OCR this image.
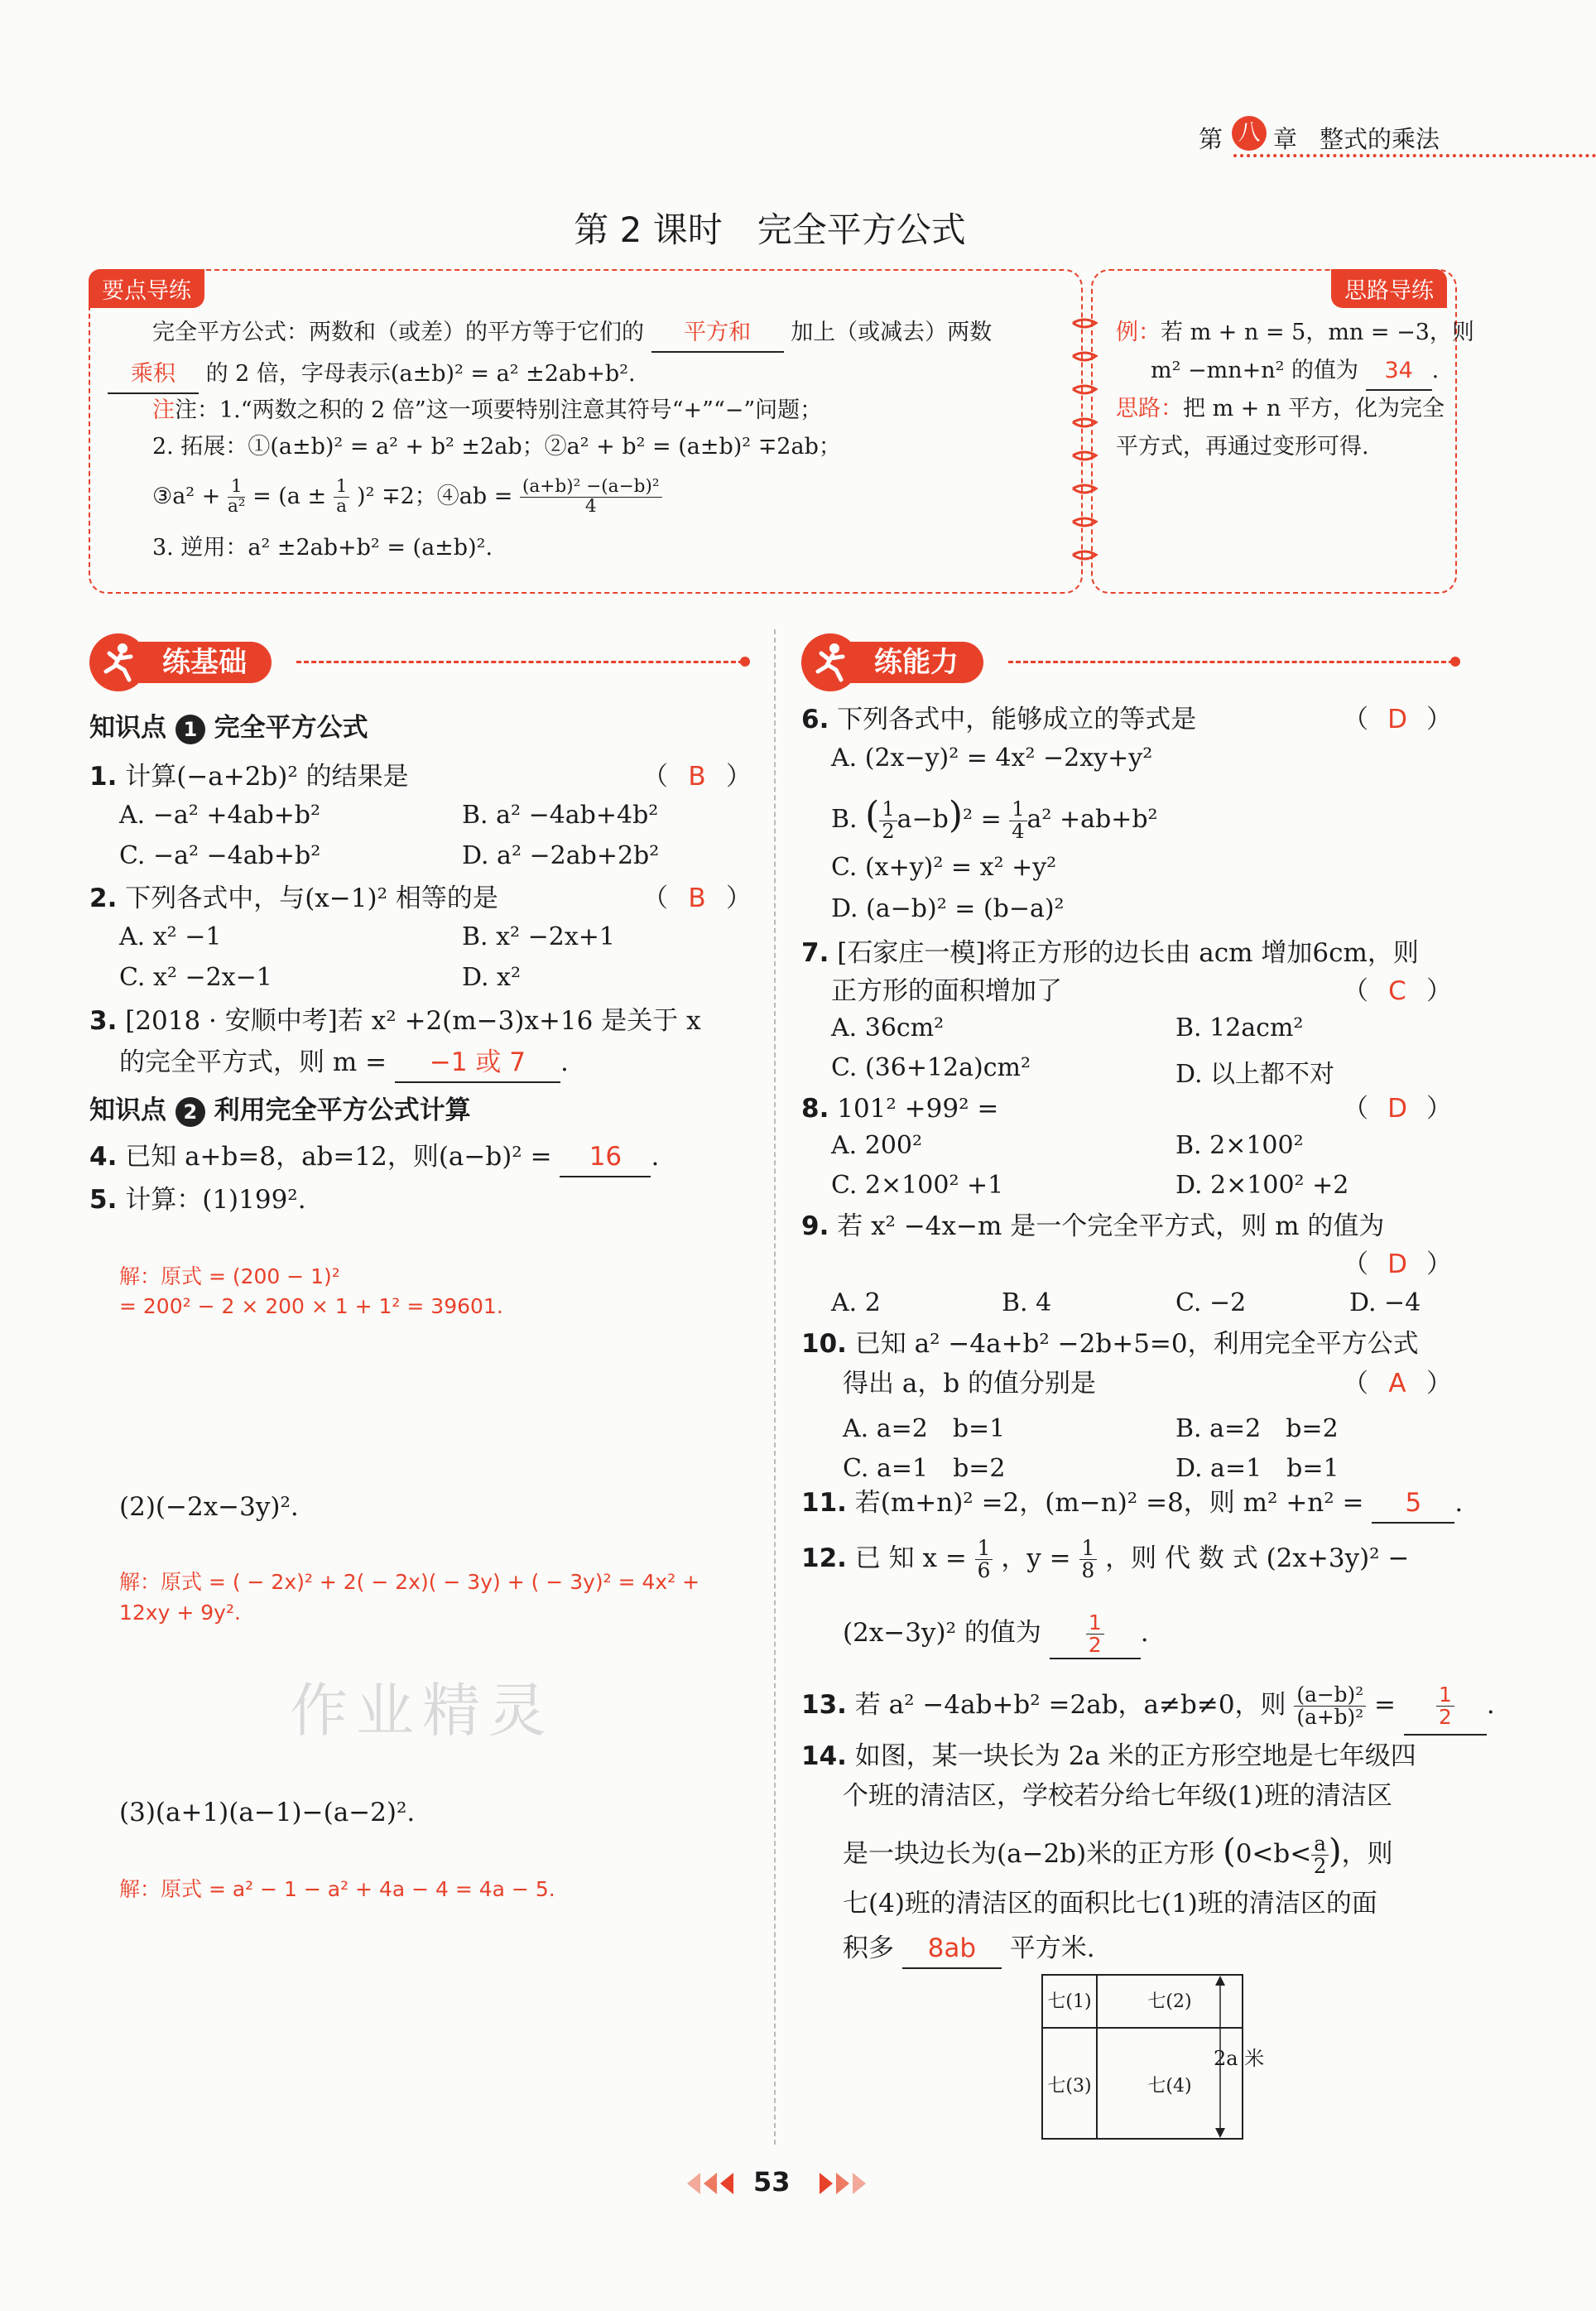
第 八 章 整式的乘法
第 2 课时　完全平方公式
要点导练
完全平方公式：两数和（或差）的平方等于它们的 平方和 加上（或减去）两数
乘积 的 2 倍，字母表示(a±b)² = a² ±2ab+b².
注注：1.“两数之积的 2 倍”这一项要特别注意其符号“+”“−”问题；
2. 拓展：①(a±b)² = a² + b² ±2ab；②a² + b² = (a±b)² ∓2ab；
③a² + $\frac{1}{\text{a²}} = (a \pm \frac{1}{a} )^2 \mp 2$；④ab = $\frac{\text{(a+b)² −(a−b)²}}{4}$
3. 逆用：a² ±2ab+b² = (a±b)².
思路导练
例：若 m + n = 5，mn = −3，则
m² −mn+n² 的值为 34 .
思路：把 m + n 平方，化为完全
平方式，再通过变形可得.
练基础	练能力
知识点 1 完全平方公式
1. 计算(−a+2b)² 的结果是	（ B ）
A. −a² +4ab+b²	B. a² −4ab+4b²
C. −a² −4ab+b²	D. a² −2ab+2b²
2. 下列各式中，与(x−1)² 相等的是	（ B ）
A. x² −1	B. x² −2x+1
C. x² −2x−1	D. x²
3. [2018 · 安顺中考]若 x² +2(m−3)x+16 是关于 x
的完全平方式，则 m = −1 或 7 .
知识点 2 利用完全平方公式计算
4. 已知 a+b=8，ab=12，则(a−b)² = 16 .
5. 计算：(1)199².
解：原式 = (200 − 1)²
= 200² − 2 × 200 × 1 + 1² = 39601.
(2)(−2x−3y)².
解：原式 = ( − 2x)² + 2( − 2x)( − 3y) + ( − 3y)² = 4x² +
12xy + 9y².
作业精灵
(3)(a+1)(a−1)−(a−2)².
解：原式 = a² − 1 − a² + 4a − 4 = 4a − 5.
6. 下列各式中，能够成立的等式是	（ D ）
A. (2x−y)² = 4x² −2xy+y²
B. ( $\frac{1}{2} a-b)^2 = \frac{1}{4} a^2 +ab+b^2$
C. (x+y)² = x² +y²
D. (a−b)² = (b−a)²
7. [石家庄一模]将正方形的边长由 acm 增加6cm，则
正方形的面积增加了	（ C ）
A. 36cm²	B. 12acm²
C. (36+12a)cm²	D. 以上都不对
8. 101² +99² =	（ D ）
A. 200²	B. 2×100²
C. 2×100² +1	D. 2×100² +2
9. 若 x² −4x−m 是一个完全平方式，则 m 的值为
（ D ）
A. 2	B. 4	C. −2	D. −4
10. 已知 a² −4a+b² −2b+5=0，利用完全平方公式
得出 a，b 的值分别是	（ A ）
A. a=2　b=1	B. a=2　b=2
C. a=1　b=2	D. a=1　b=1
11. 若(m+n)² =2，(m−n)² =8，则 m² +n² = 5 .
12. 已 知 $x = \frac{1}{6}$ ，$y = \frac{1}{8}$ ，则 代 数 式 (2x+3y)² −
(2x−3y)² 的值为 $\frac{1}{2}$ .
13. 若 a² −4ab+b² =2ab，a≠b≠0，则 $\frac{\text{(a−b)²}}{\text{(a+b)²}} = \frac{1}{2}$ .
14. 如图，某一块长为 2a 米的正方形空地是七年级四
个班的清洁区，学校若分给七年级(1)班的清洁区
是一块边长为(a−2b)米的正方形 ($0<b< \frac{a}{2}$ )，则
七(4)班的清洁区的面积比七(1)班的清洁区的面
积多 8ab 平方米.
七(1)	七(2)
七(3)	七(4)
2a 米
53
